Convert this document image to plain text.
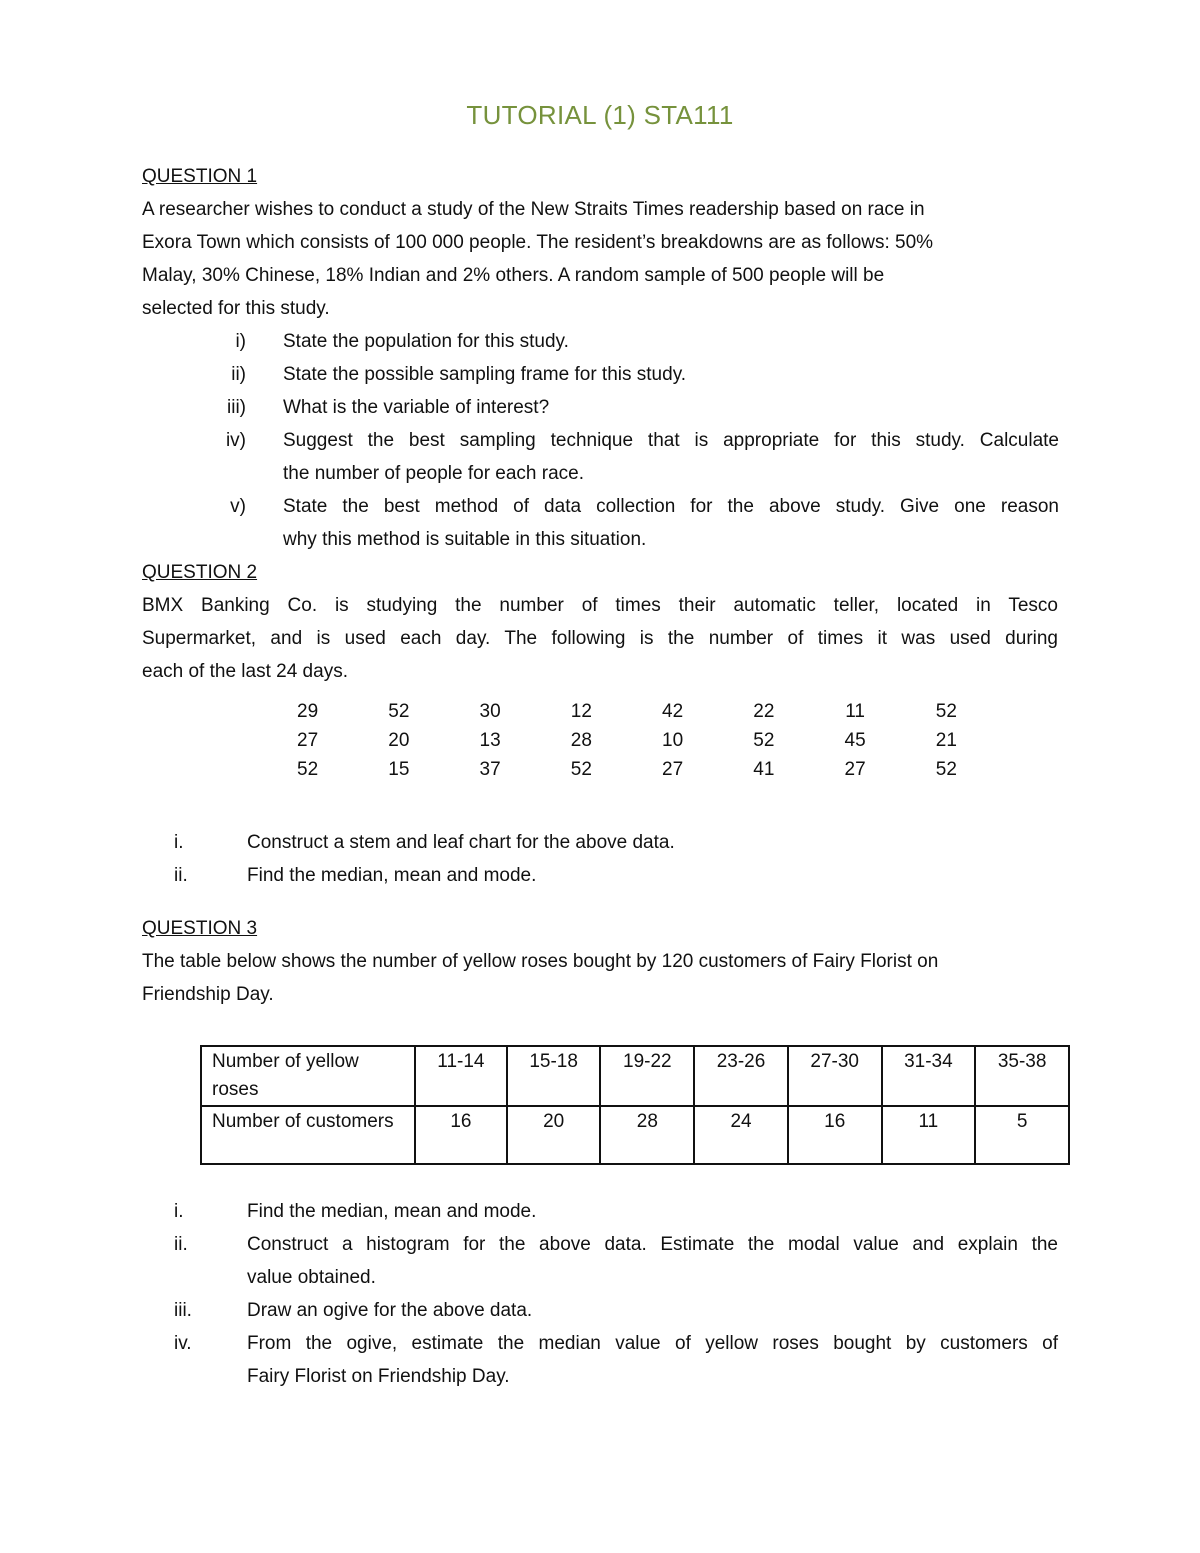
TUTORIAL (1) STA111
QUESTION 1
A researcher wishes to conduct a study of the New Straits Times readership based on race in
Exora Town which consists of 100 000 people. The resident’s breakdowns are as follows: 50%
Malay, 30% Chinese, 18% Indian and 2% others. A random sample of 500 people will be
selected for this study.
i) State the population for this study.
ii) State the possible sampling frame for this study.
iii) What is the variable of interest?
iv) Suggest the best sampling technique that is appropriate for this study. Calculate
the number of people for each race.
v) State the best method of data collection for the above study. Give one reason
why this method is suitable in this situation.
QUESTION 2
BMX Banking Co. is studying the number of times their automatic teller, located in Tesco
Supermarket, and is used each day. The following is the number of times it was used during
each of the last 24 days.
29	52	30	12	42	22	11	52
27	20	13	28	10	52	45	21
52	15	37	52	27	41	27	52
i.	Construct a stem and leaf chart for the above data.
ii.	Find the median, mean and mode.
QUESTION 3
The table below shows the number of yellow roses bought by 120 customers of Fairy Florist on
Friendship Day.
Number of yellow roses	11-14	15-18	19-22	23-26	27-30	31-34	35-38
Number of customers	16	20	28	24	16	11	5
i.	Find the median, mean and mode.
ii.	Construct a histogram for the above data. Estimate the modal value and explain the
value obtained.
iii.	Draw an ogive for the above data.
iv.	From the ogive, estimate the median value of yellow roses bought by customers of
Fairy Florist on Friendship Day.
